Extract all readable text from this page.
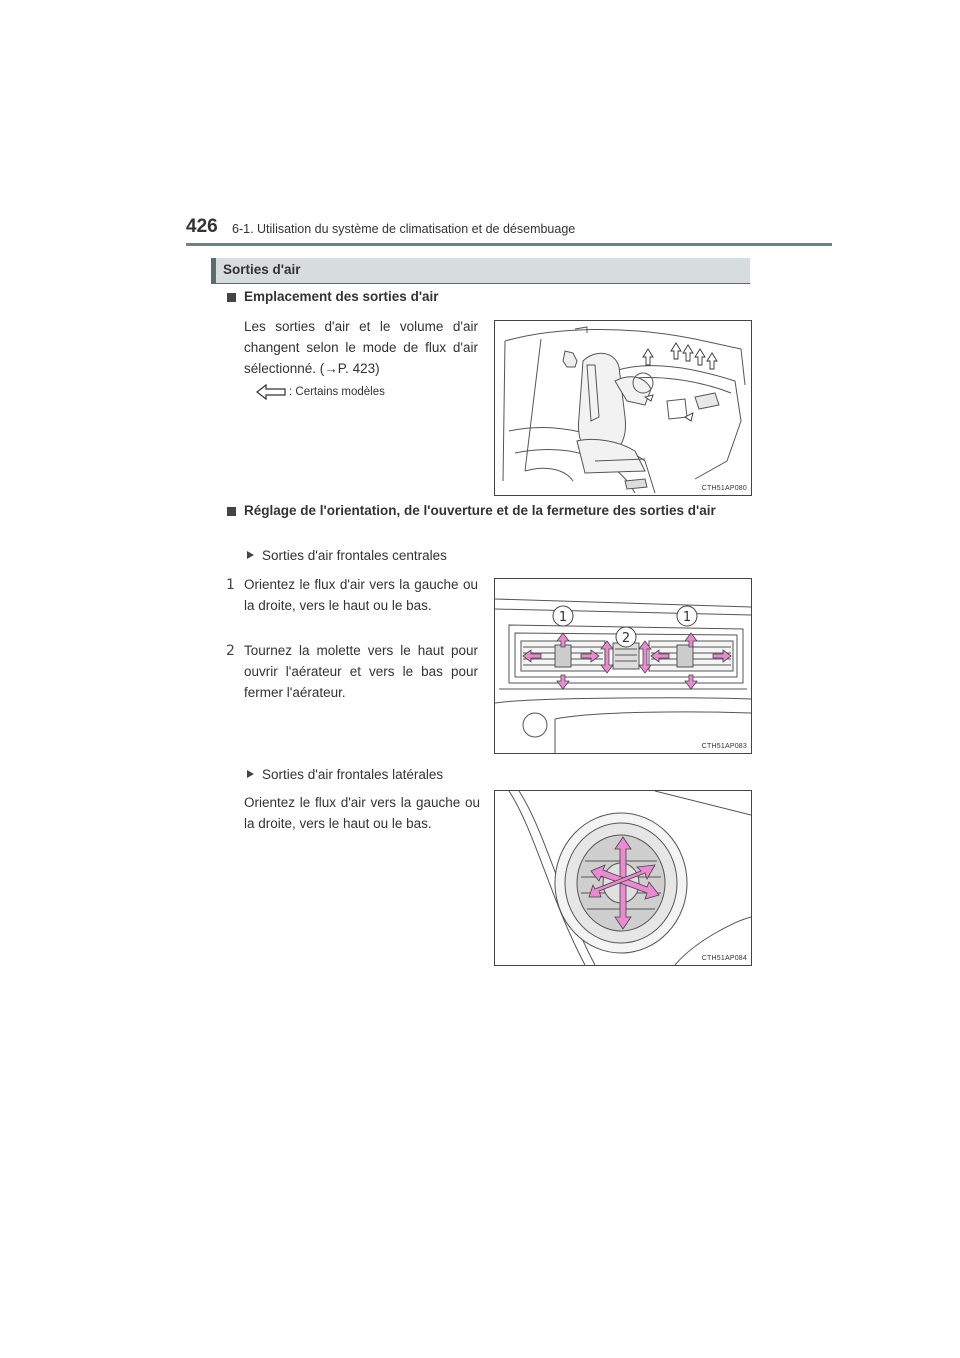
426 6-1. Utilisation du système de climatisation et de désembuage
Sorties d'air
Emplacement des sorties d'air
Les sorties d'air et le volume d'air changent selon le mode de flux d'air sélectionné. (→P. 423)
: Certains modèles
CTH51AP080
Réglage de l'orientation, de l'ouverture et de la fermeture des sorties d'air
Sorties d'air frontales centrales
1 Orientez le flux d'air vers la gauche ou la droite, vers le haut ou le bas.
2 Tournez la molette vers le haut pour ouvrir l'aérateur et vers le bas pour fermer l'aérateur.
1	1
2
CTH51AP083
Sorties d'air frontales latérales
Orientez le flux d'air vers la gauche ou la droite, vers le haut ou le bas.
CTH51AP084
